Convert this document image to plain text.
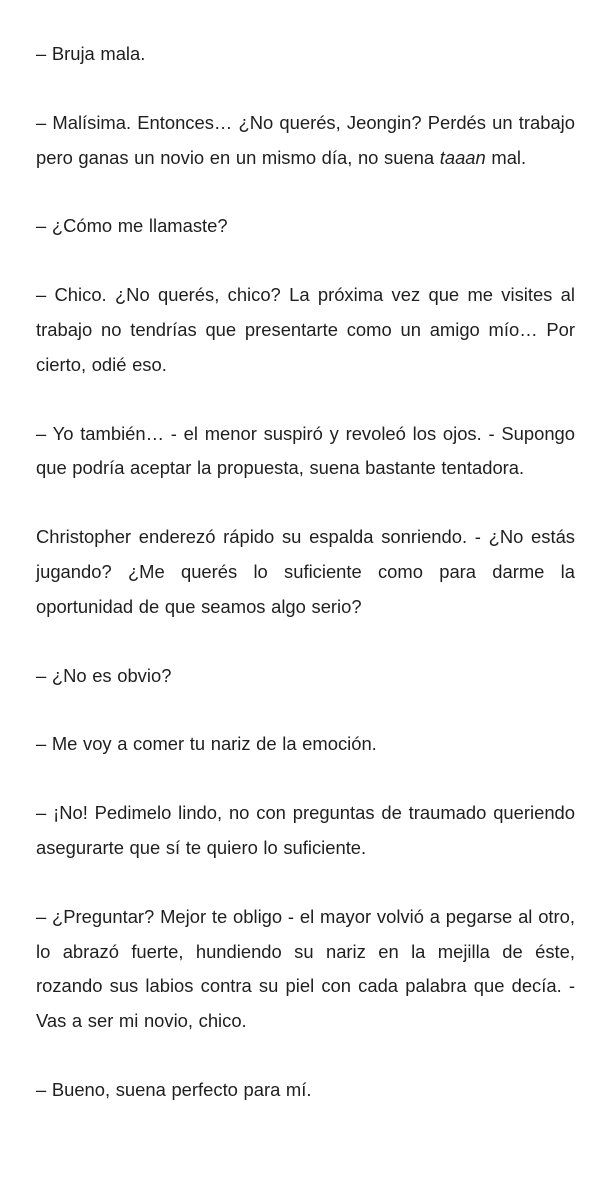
– Bruja mala.

– Malísima. Entonces… ¿No querés, Jeongin? Perdés un trabajo pero ganas un novio en un mismo día, no suena taaan mal.

– ¿Cómo me llamaste?

– Chico. ¿No querés, chico? La próxima vez que me visites al trabajo no tendrías que presentarte como un amigo mío… Por cierto, odié eso.

– Yo también… - el menor suspiró y revoleó los ojos. - Supongo que podría aceptar la propuesta, suena bastante tentadora.

Christopher enderezó rápido su espalda sonriendo. - ¿No estás jugando? ¿Me querés lo suficiente como para darme la oportunidad de que seamos algo serio?

– ¿No es obvio?

– Me voy a comer tu nariz de la emoción.

– ¡No! Pedimelo lindo, no con preguntas de traumado queriendo asegurarte que sí te quiero lo suficiente.

– ¿Preguntar? Mejor te obligo - el mayor volvió a pegarse al otro, lo abrazó fuerte, hundiendo su nariz en la mejilla de éste, rozando sus labios contra su piel con cada palabra que decía. - Vas a ser mi novio, chico.

– Bueno, suena perfecto para mí.
